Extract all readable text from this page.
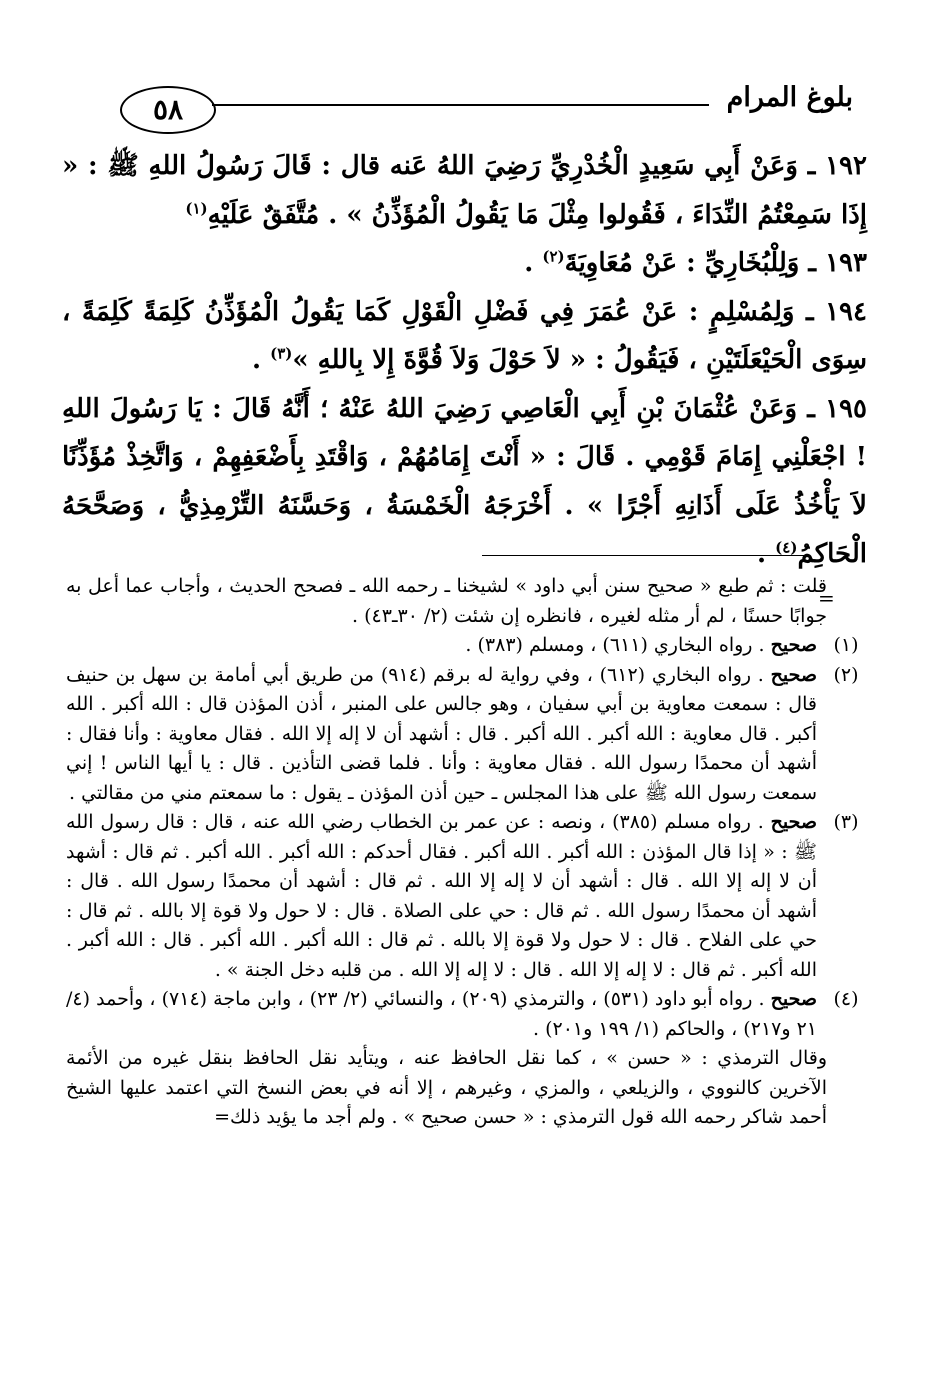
بلوغ المرام
٥٨

١٩٢ ـ وَعَنْ أَبِي سَعِيدٍ الْخُدْرِيِّ رَضِيَ اللهُ عَنه قال : قَالَ رَسُولُ اللهِ ﷺ : « إِذَا سَمِعْتُمُ النِّدَاءَ ، فَقُولوا مِثْلَ مَا يَقُولُ الْمُؤَذِّنُ » . مُتَّفَقٌ عَلَيْهِ$^{(١)}$

١٩٣ ـ وَلِلْبُخَارِيِّ : عَنْ مُعَاوِيَةَ$^{(٢)}$ .

١٩٤ ـ وَلِمُسْلِمٍ : عَنْ عُمَرَ فِي فَضْلِ الْقَوْلِ كَمَا يَقُولُ الْمُؤَذِّنُ كَلِمَةً كَلِمَةً ، سِوَى الْحَيْعَلَتَيْنِ ، فَيَقُولُ : « لاَ حَوْلَ وَلاَ قُوَّةَ إِلا بِاللهِ »$^{(٣)}$ .

١٩٥ ـ وَعَنْ عُثْمَانَ بْنِ أَبِي الْعَاصِي رَضِيَ اللهُ عَنْهُ ؛ أَنَّهُ قَالَ : يَا رَسُولَ اللهِ ! اجْعَلْنِي إِمَامَ قَوْمِي . قَالَ : « أَنْتَ إِمَامُهُمْ ، وَاقْتَدِ بِأَضْعَفِهِمْ ، وَاتَّخِذْ مُؤَذِّنًا لاَ يَأْخُذُ عَلَى أَذَانِهِ أَجْرًا » . أَخْرَجَهُ الْخَمْسَةُ ، وَحَسَّنَهُ التِّرْمِذِيُّ ، وَصَحَّحَهُ الْحَاكِمُ$^{(٤)}$ .

=

قلت : ثم طبع « صحيح سنن أبي داود » لشيخنا ـ رحمه الله ـ فصحح الحديث ، وأجاب عما أعل به جوابًا حسنًا ، لم أر مثله لغيره ، فانظره إن شئت (٢/ ٣٠ـ٤٣) .

(١)
صحيح . رواه البخاري (٦١١) ، ومسلم (٣٨٣) .

(٢)
صحيح . رواه البخاري (٦١٢) ، وفي رواية له برقم (٩١٤) من طريق أبي أمامة بن سهل بن حنيف قال : سمعت معاوية بن أبي سفيان ، وهو جالس على المنبر ، أذن المؤذن قال : الله أكبر . الله أكبر . قال معاوية : الله أكبر . الله أكبر . قال : أشهد أن لا إله إلا الله . فقال معاوية : وأنا فقال : أشهد أن محمدًا رسول الله . فقال معاوية : وأنا . فلما قضى التأذين . قال : يا أيها الناس ! إني سمعت رسول الله ﷺ على هذا المجلس ـ حين أذن المؤذن ـ يقول : ما سمعتم مني من مقالتي .

(٣)
صحيح . رواه مسلم (٣٨٥) ، ونصه : عن عمر بن الخطاب رضي الله عنه ، قال : قال رسول الله ﷺ : « إذا قال المؤذن : الله أكبر . الله أكبر . فقال أحدكم : الله أكبر . الله أكبر . ثم قال : أشهد أن لا إله إلا الله . قال : أشهد أن لا إله إلا الله . ثم قال : أشهد أن محمدًا رسول الله . قال : أشهد أن محمدًا رسول الله . ثم قال : حي على الصلاة . قال : لا حول ولا قوة إلا بالله . ثم قال : حي على الفلاح . قال : لا حول ولا قوة إلا بالله . ثم قال : الله أكبر . الله أكبر . قال : الله أكبر . الله أكبر . ثم قال : لا إله إلا الله . قال : لا إله إلا الله . من قلبه دخل الجنة » .

(٤)
صحيح . رواه أبو داود (٥٣١) ، والترمذي (٢٠٩) ، والنسائي (٢/ ٢٣) ، وابن ماجة (٧١٤) ، وأحمد (٤/ ٢١ و٢١٧) ، والحاكم (١/ ١٩٩ و٢٠١) .

وقال الترمذي : « حسن » ، كما نقل الحافظ عنه ، ويتأيد نقل الحافظ بنقل غيره من الأئمة الآخرين كالنووي ، والزيلعي ، والمزي ، وغيرهم ، إلا أنه في بعض النسخ التي اعتمد عليها الشيخ أحمد شاكر رحمه الله قول الترمذي : « حسن صحيح » . ولم أجد ما يؤيد ذلك=
